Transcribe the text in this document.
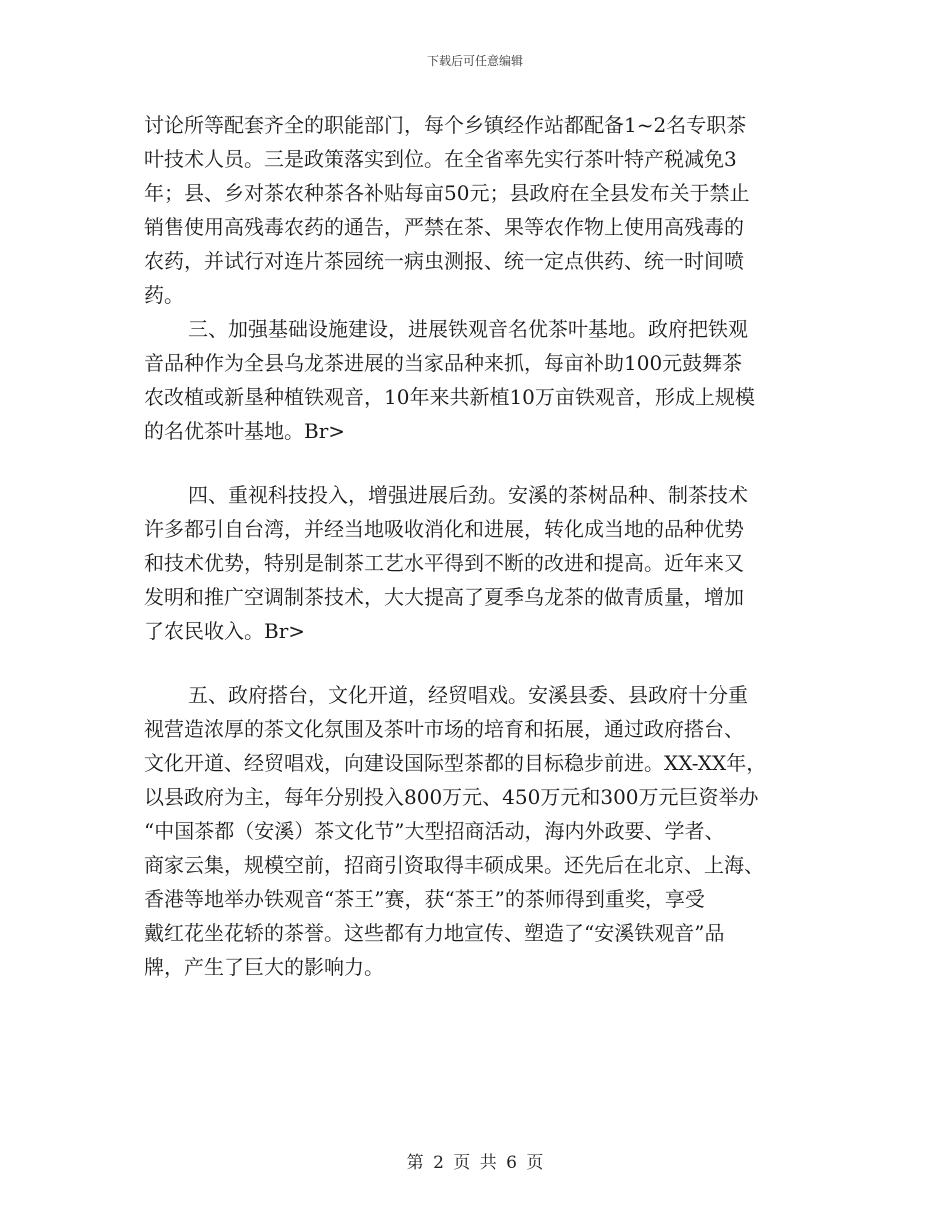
下载后可任意编辑
讨论所等配套齐全的职能部门，每个乡镇经作站都配备1~2名专职茶
叶技术人员。三是政策落实到位。在全省率先实行茶叶特产税减免3
年；县、乡对茶农种茶各补贴每亩50元；县政府在全县发布关于禁止
销售使用高残毒农药的通告，严禁在茶、果等农作物上使用高残毒的
农药，并试行对连片茶园统一病虫测报、统一定点供药、统一时间喷
药。
三、加强基础设施建设，进展铁观音名优茶叶基地。政府把铁观
音品种作为全县乌龙茶进展的当家品种来抓，每亩补助100元鼓舞茶
农改植或新垦种植铁观音，10年来共新植10万亩铁观音，形成上规模
的名优茶叶基地。Br>
四、重视科技投入，增强进展后劲。安溪的茶树品种、制茶技术
许多都引自台湾，并经当地吸收消化和进展，转化成当地的品种优势
和技术优势，特别是制茶工艺水平得到不断的改进和提高。近年来又
发明和推广空调制茶技术，大大提高了夏季乌龙茶的做青质量，增加
了农民收入。Br>
五、政府搭台，文化开道，经贸唱戏。安溪县委、县政府十分重
视营造浓厚的茶文化氛围及茶叶市场的培育和拓展，通过政府搭台、
文化开道、经贸唱戏，向建设国际型茶都的目标稳步前进。XX-XX年，
以县政府为主，每年分别投入800万元、450万元和300万元巨资举办
“中国茶都（安溪）茶文化节”大型招商活动，海内外政要、学者、
商家云集，规模空前，招商引资取得丰硕成果。还先后在北京、上海、
香港等地举办铁观音“茶王”赛，获“茶王”的茶师得到重奖，享受
戴红花坐花轿的茶誉。这些都有力地宣传、塑造了“安溪铁观音”品
牌，产生了巨大的影响力。
第 2 页 共 6 页
